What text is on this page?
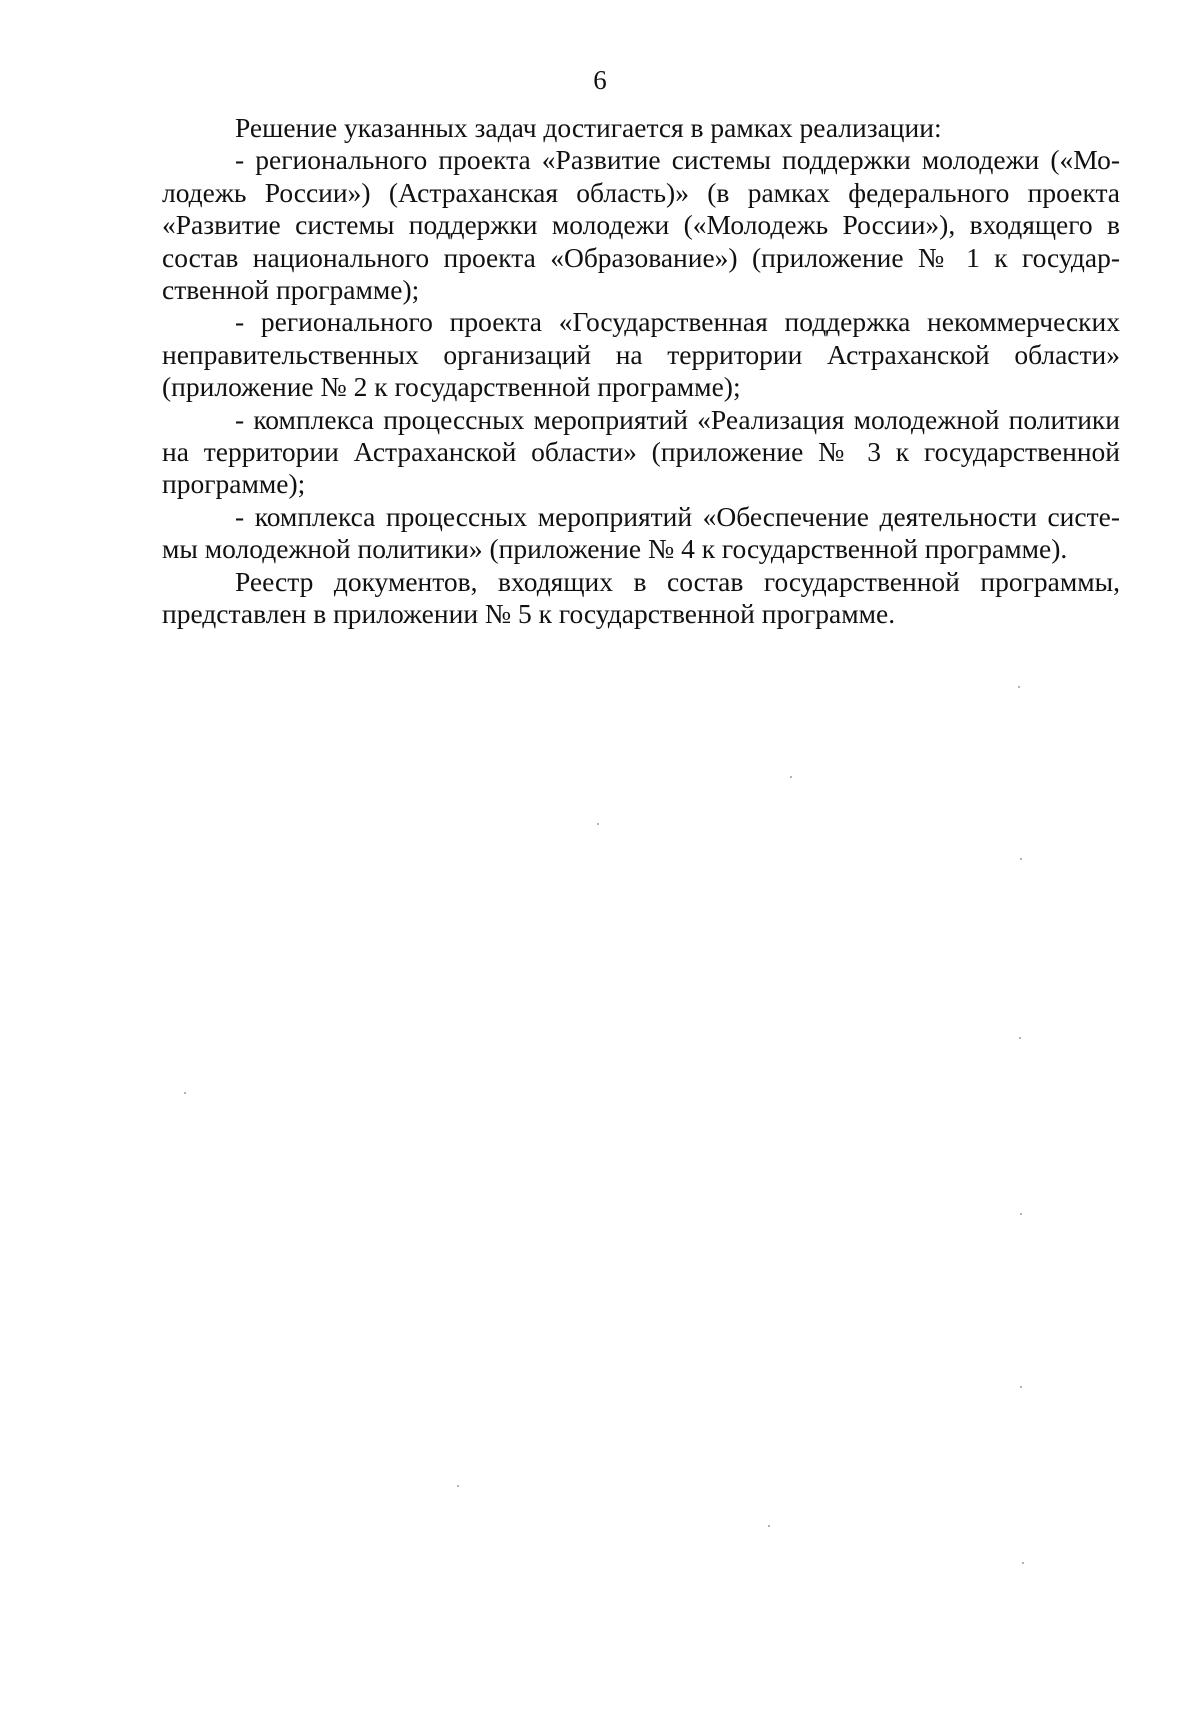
6

Решение указанных задач достигается в рамках реализации:

- регионального проекта «Развитие системы поддержки молодежи («Молодежь России») (Астраханская область)» (в рамках федерального проекта «Развитие системы поддержки молодежи («Молодежь России»), входящего в состав национального проекта «Образование») (приложение № 1 к государственной программе);

- регионального проекта «Государственная поддержка некоммерческих неправительственных организаций на территории Астраханской области» (приложение № 2 к государственной программе);

- комплекса процессных мероприятий «Реализация молодежной политики на территории Астраханской области» (приложение № 3 к государственной программе);

- комплекса процессных мероприятий «Обеспечение деятельности системы молодежной политики» (приложение № 4 к государственной программе).

Реестр документов, входящих в состав государственной программы, представлен в приложении № 5 к государственной программе.
